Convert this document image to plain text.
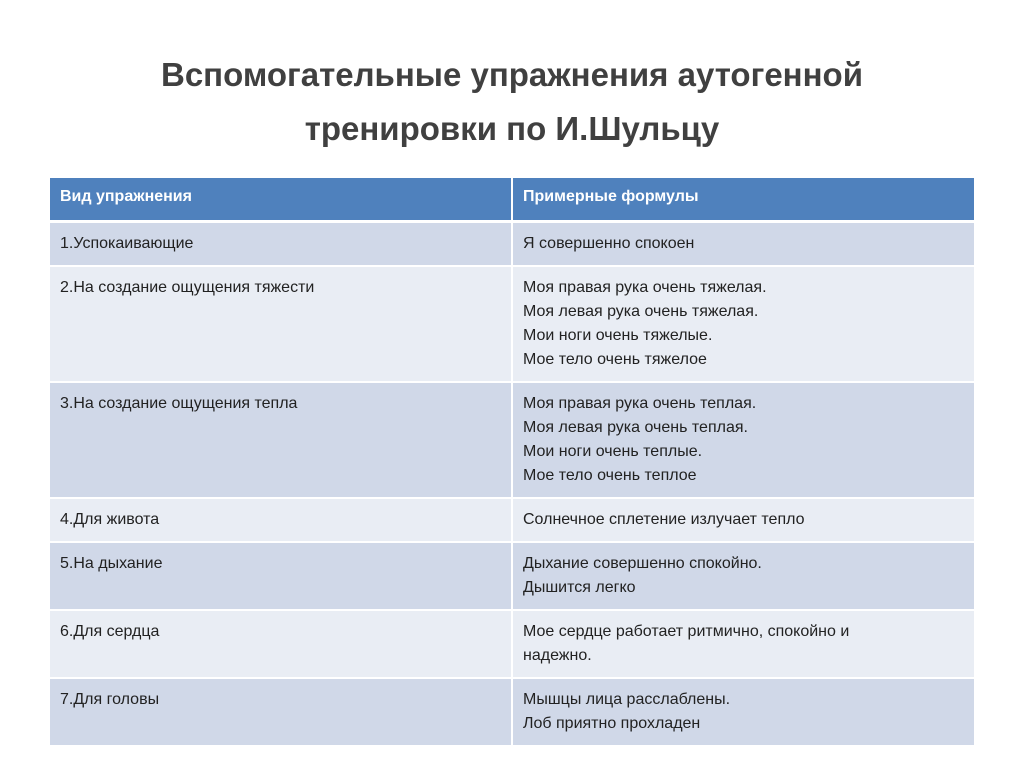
Вспомогательные упражнения аутогенной
тренировки по И.Шульцу
Вид упражнения	Примерные формулы
1.Успокаивающие	Я совершенно спокоен

2.На создание ощущения тяжести	Моя правая рука очень тяжелая.
Моя левая рука очень тяжелая.
Мои ноги очень тяжелые.
Мое тело очень тяжелое

3.На создание ощущения тепла	Моя правая рука очень теплая.
Моя левая рука очень теплая.
Мои ноги очень теплые.
Мое тело очень теплое

4.Для живота	Солнечное сплетение излучает тепло

5.На дыхание	Дыхание совершенно спокойно.
Дышится легко

6.Для сердца	Мое сердце работает ритмично, спокойно и
надежно.

7.Для головы	Мышцы лица расслаблены.
Лоб приятно прохладен
